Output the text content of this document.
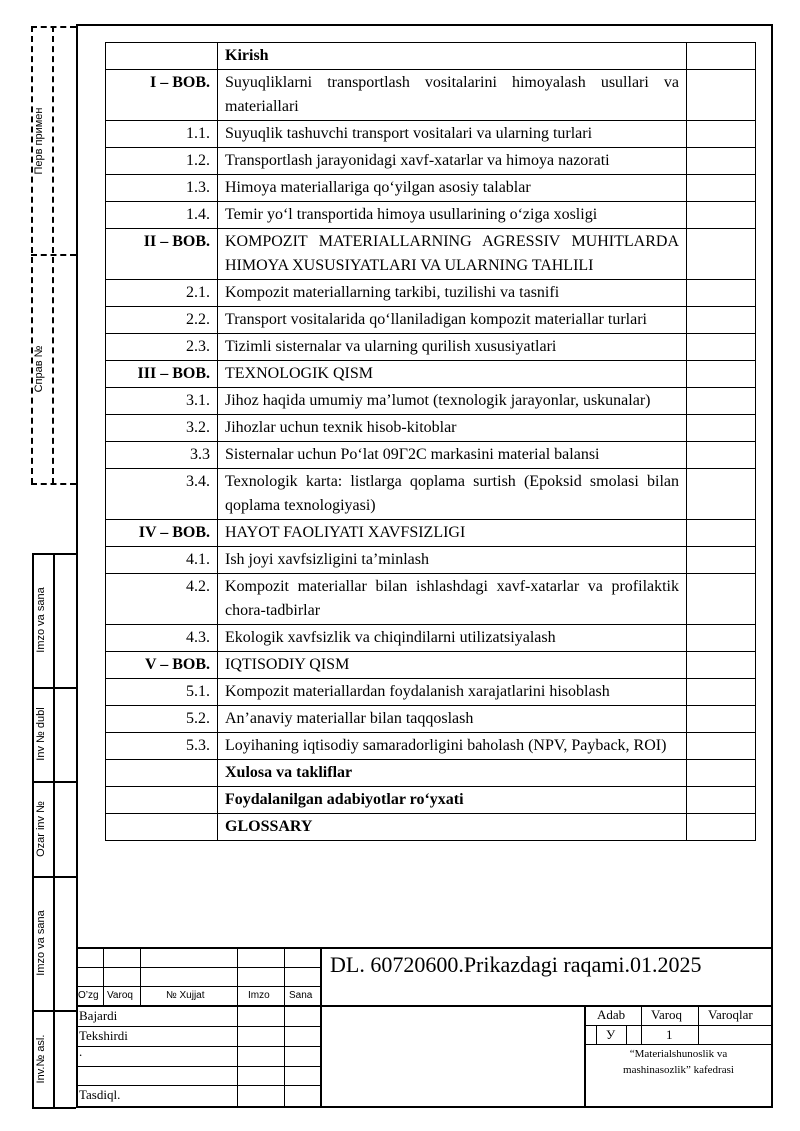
Перв примен
Справ №
Imzo va sana
Inv № dubl
Ozar inv №
Imzo va sana
Inv.№ asl.
	Kirish	
I – BOB.	Suyuqliklarni transportlash vositalarini himoyalash usullari va materiallari	
1.1.	Suyuqlik tashuvchi transport vositalari va ularning turlari	
1.2.	Transportlash jarayonidagi xavf-xatarlar va himoya nazorati	
1.3.	Himoya materiallariga qo‘yilgan asosiy talablar	
1.4.	Temir yo‘l transportida himoya usullarining o‘ziga xosligi	
II – BOB.	KOMPOZIT MATERIALLARNING AGRESSIV MUHITLARDA HIMOYA XUSUSIYATLARI VA ULARNING TAHLILI	
2.1.	Kompozit materiallarning tarkibi, tuzilishi va tasnifi	
2.2.	Transport vositalarida qo‘llaniladigan kompozit materiallar turlari	
2.3.	Tizimli sisternalar va ularning qurilish xususiyatlari	
III – BOB.	TEXNOLOGIK QISM	
3.1.	Jihoz haqida umumiy ma’lumot (texnologik jarayonlar, uskunalar)	
3.2.	Jihozlar uchun texnik hisob-kitoblar	
3.3	Sisternalar uchun Po‘lat 09Г2С markasini material balansi	
3.4.	Texnologik karta: listlarga qoplama surtish (Epoksid smolasi bilan qoplama texnologiyasi)	
IV – BOB.	HAYOT FAOLIYATI XAVFSIZLIGI	
4.1.	Ish joyi xavfsizligini ta’minlash	
4.2.	Kompozit materiallar bilan ishlashdagi xavf-xatarlar va profilaktik chora-tadbirlar	
4.3.	Ekologik xavfsizlik va chiqindilarni utilizatsiyalash	
V – BOB.	IQTISODIY QISM	
5.1.	Kompozit materiallardan foydalanish xarajatlarini hisoblash	
5.2.	An’anaviy materiallar bilan taqqoslash	
5.3.	Loyihaning iqtisodiy samaradorligini baholash (NPV, Payback, ROI)	
	Xulosa va takliflar	
	Foydalanilgan adabiyotlar ro‘yxati	
	GLOSSARY	
DL. 60720600.Prikazdagi raqami.01.2025
O’zg Varoq	№ Xujjat	Imzo Sana
Bajardi
Tekshirdi
.
Tasdiql.
Adab Varoq Varoqlar
У	1
“Materialshunoslik va
mashinasozlik” kafedrasi
